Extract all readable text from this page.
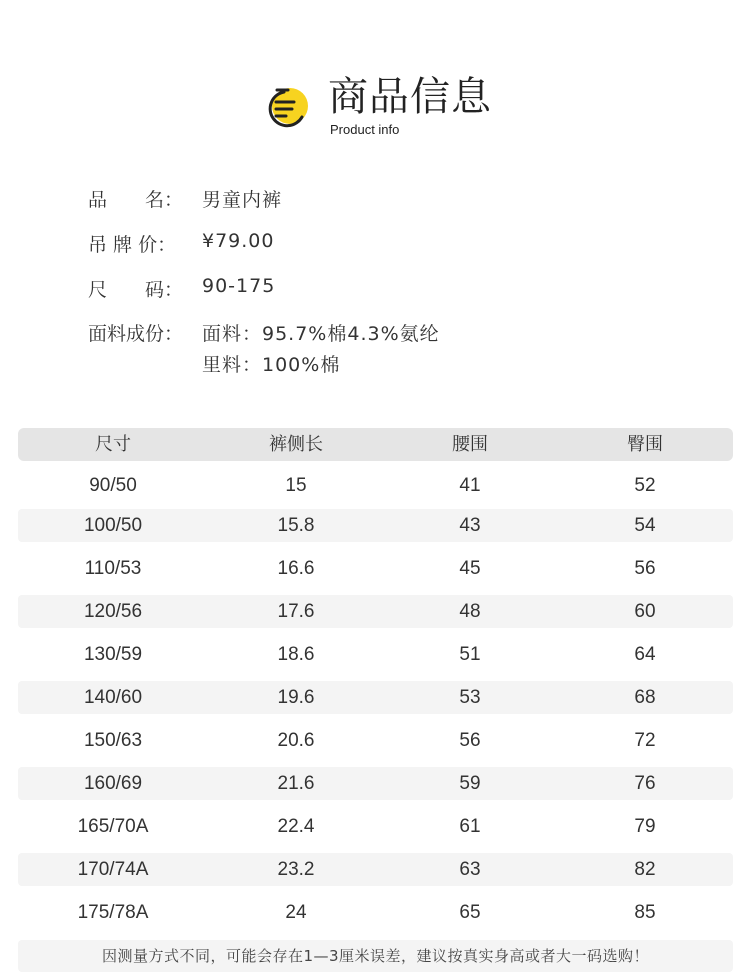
商品信息
Product info
品　　名： 男童内裤
吊 牌 价：	¥79.00
尺　　码： 90-175
面料成份： 面料：95.7%棉4.3%氨纶
里料：100%棉
尺寸	裤侧长	腰围	臀围
90/50	15	41	52
100/50	15.8	43	54
110/53	16.6	45	56
120/56	17.6	48	60
130/59	18.6	51	64
140/60	19.6	53	68
150/63	20.6	56	72
160/69	21.6	59	76
165/70A	22.4	61	79
170/74A	23.2	63	82
175/78A	24	65	85
因测量方式不同，可能会存在1—3厘米误差，建议按真实身高或者大一码选购！
